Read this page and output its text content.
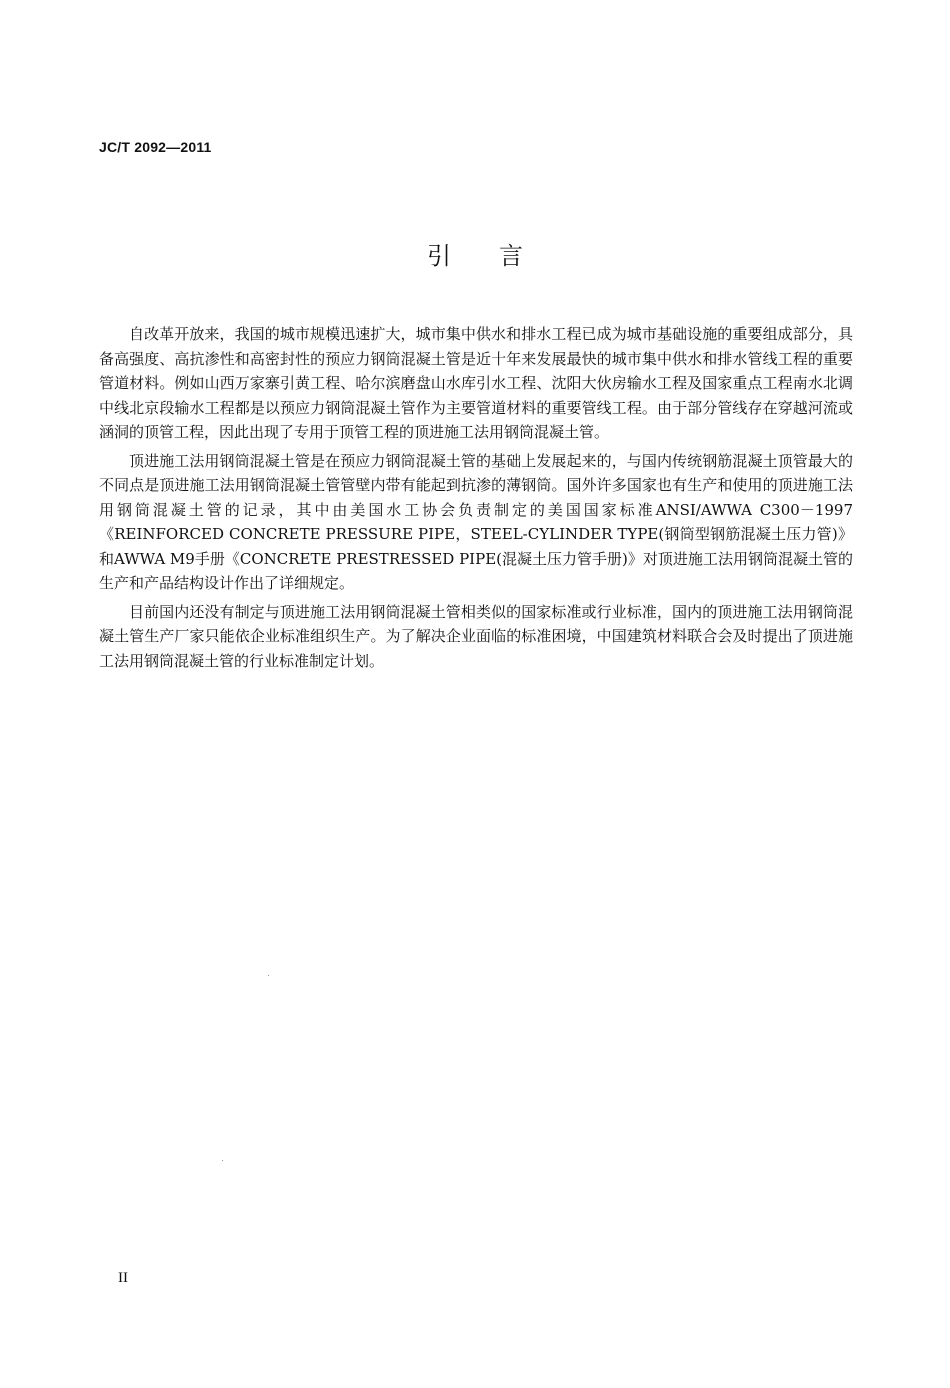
JC/T 2092—2011
引言

自改革开放来，我国的城市规模迅速扩大，城市集中供水和排水工程已成为城市基础设施的重要组成部分，具备高强度、高抗渗性和高密封性的预应力钢筒混凝土管是近十年来发展最快的城市集中供水和排水管线工程的重要管道材料。例如山西万家寨引黄工程、哈尔滨磨盘山水库引水工程、沈阳大伙房输水工程及国家重点工程南水北调中线北京段输水工程都是以预应力钢筒混凝土管作为主要管道材料的重要管线工程。由于部分管线存在穿越河流或涵洞的顶管工程，因此出现了专用于顶管工程的顶进施工法用钢筒混凝土管。

顶进施工法用钢筒混凝土管是在预应力钢筒混凝土管的基础上发展起来的，与国内传统钢筋混凝土顶管最大的不同点是顶进施工法用钢筒混凝土管管壁内带有能起到抗渗的薄钢筒。国外许多国家也有生产和使用的顶进施工法用钢筒混凝土管的记录，其中由美国水工协会负责制定的美国国家标准ANSI/AWWA C300－1997《REINFORCED CONCRETE PRESSURE PIPE，STEEL-CYLINDER TYPE(钢筒型钢筋混凝土压力管)》和AWWA M9手册《CONCRETE PRESTRESSED PIPE(混凝土压力管手册)》对顶进施工法用钢筒混凝土管的生产和产品结构设计作出了详细规定。

目前国内还没有制定与顶进施工法用钢筒混凝土管相类似的国家标准或行业标准，国内的顶进施工法用钢筒混凝土管生产厂家只能依企业标准组织生产。为了解决企业面临的标准困境，中国建筑材料联合会及时提出了顶进施工法用钢筒混凝土管的行业标准制定计划。

II
